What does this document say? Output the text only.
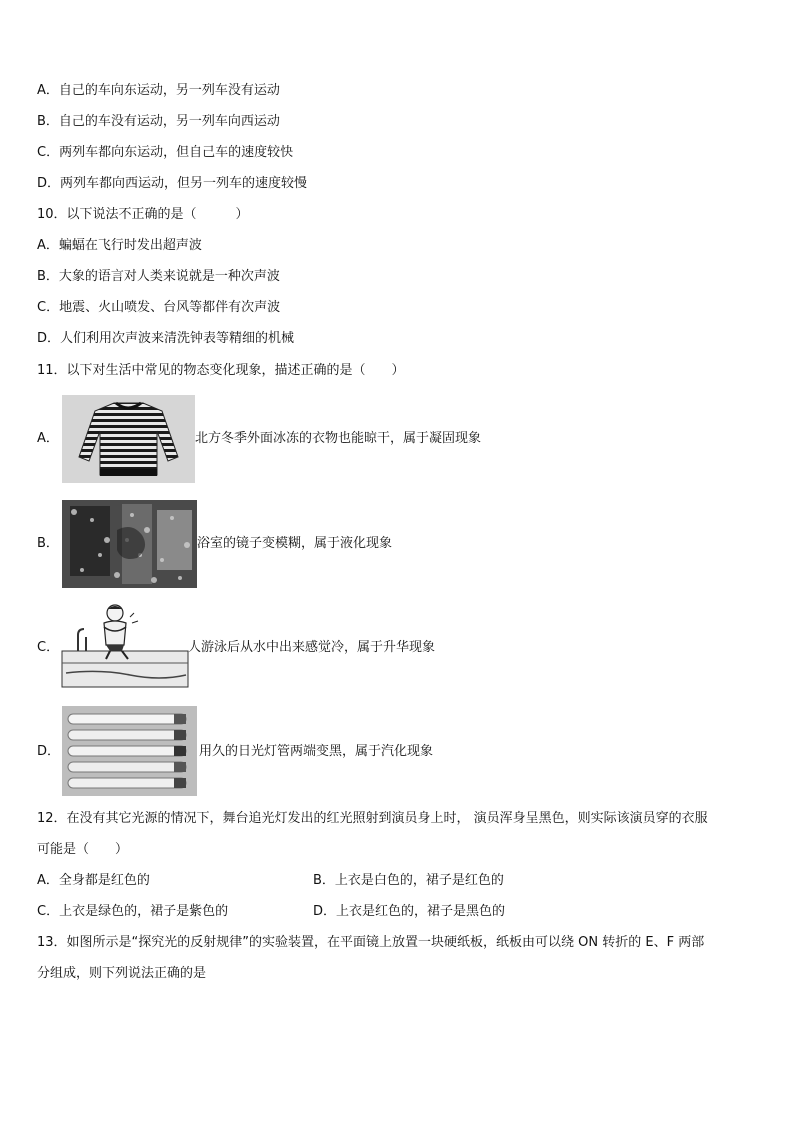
A．自己的车向东运动，另一列车没有运动
B．自己的车没有运动，另一列车向西运动
C．两列车都向东运动，但自己车的速度较快
D．两列车都向西运动，但另一列车的速度较慢
10．以下说法不正确的是（　　　）
A．蝙蝠在飞行时发出超声波
B．大象的语言对人类来说就是一种次声波
C．地震、火山喷发、台风等都伴有次声波
D．人们利用次声波来清洗钟表等精细的机械
11．以下对生活中常见的物态变化现象，描述正确的是（　　）
A．	北方冬季外面冰冻的衣物也能晾干，属于凝固现象
B．	浴室的镜子变模糊，属于液化现象
C．	人游泳后从水中出来感觉冷，属于升华现象
D．	用久的日光灯管两端变黑，属于汽化现象
12．在没有其它光源的情况下，舞台追光灯发出的红光照射到演员身上时， 演员浑身呈黑色，则实际该演员穿的衣服
可能是（　　）
A．全身都是红色的	B．上衣是白色的，裙子是红色的
C．上衣是绿色的，裙子是紫色的	D．上衣是红色的，裙子是黑色的
13．如图所示是“探究光的反射规律”的实验装置，在平面镜上放置一块硬纸板，纸板由可以绕 ON 转折的 E、F 两部
分组成，则下列说法正确的是
